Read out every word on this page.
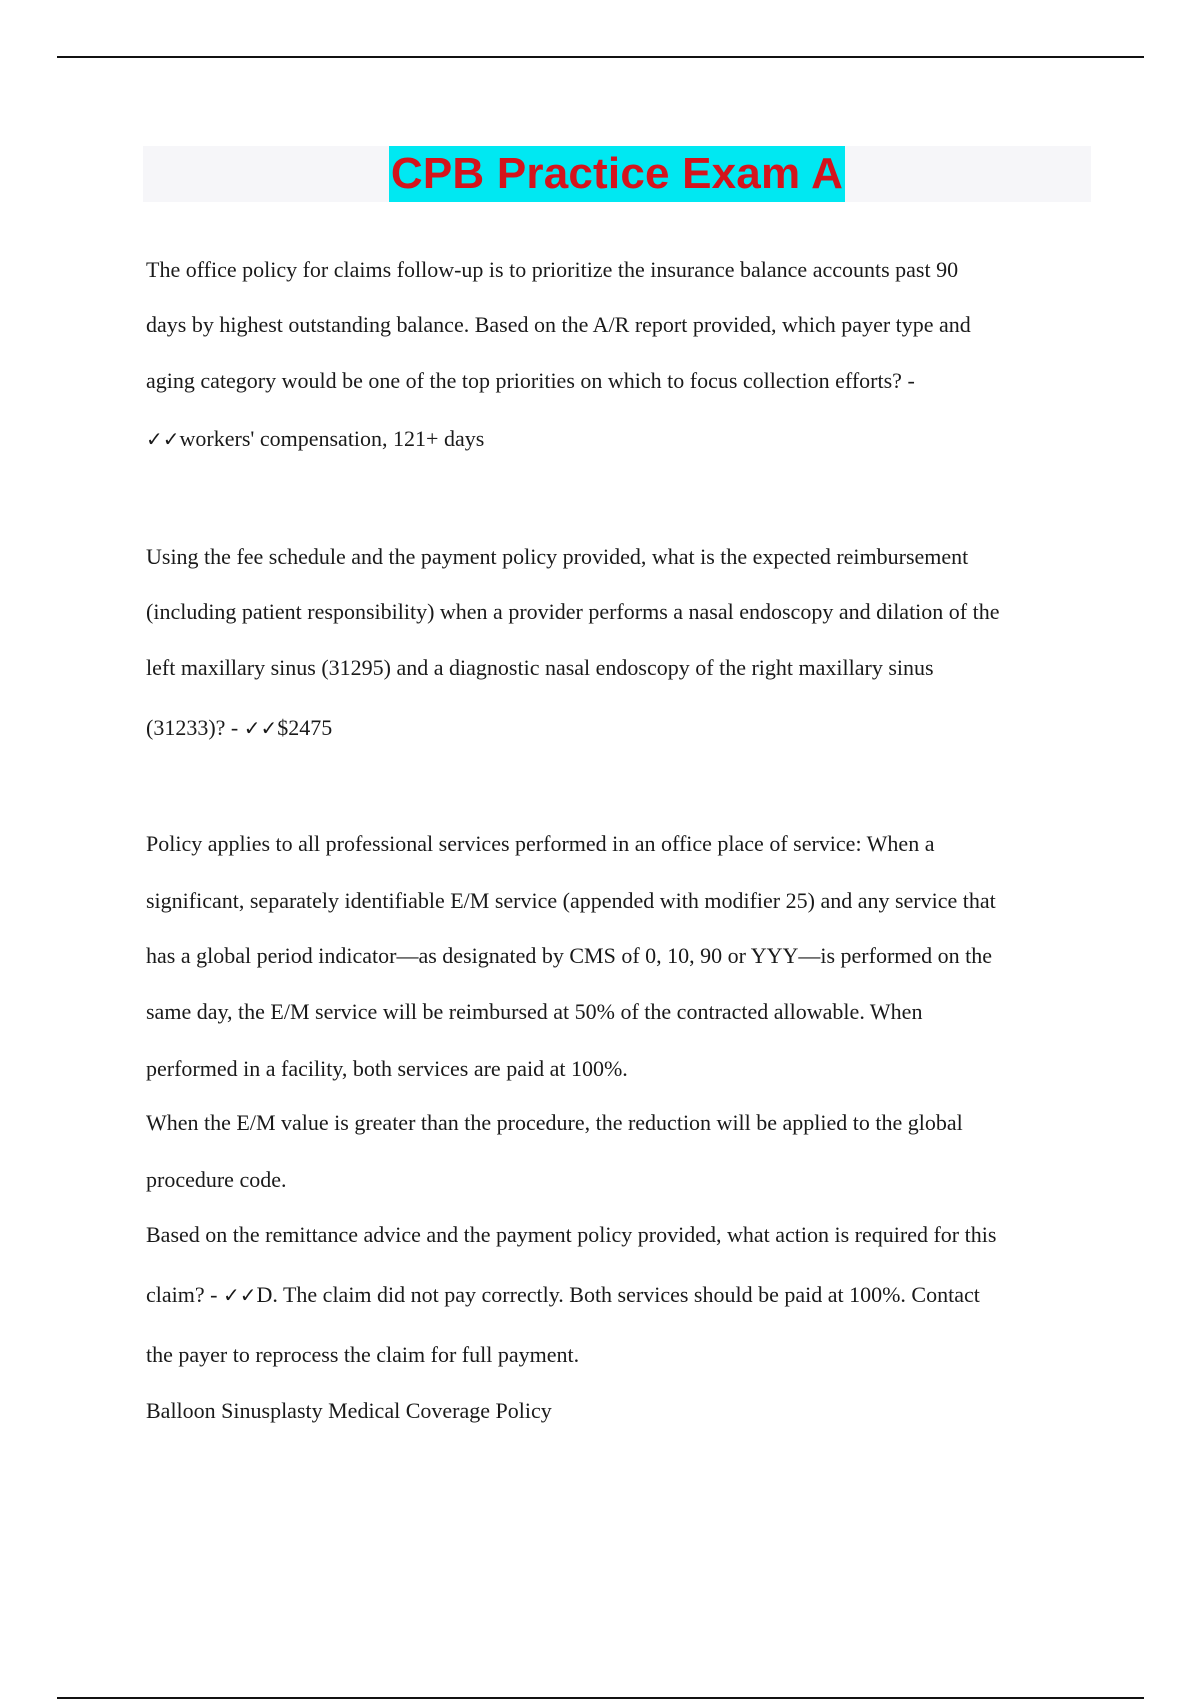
CPB Practice Exam A
The office policy for claims follow-up is to prioritize the insurance balance accounts past 90
days by highest outstanding balance. Based on the A/R report provided, which payer type and
aging category would be one of the top priorities on which to focus collection efforts? -
✓✓workers' compensation, 121+ days
Using the fee schedule and the payment policy provided, what is the expected reimbursement
(including patient responsibility) when a provider performs a nasal endoscopy and dilation of the
left maxillary sinus (31295) and a diagnostic nasal endoscopy of the right maxillary sinus
(31233)? - ✓✓$2475
Policy applies to all professional services performed in an office place of service: When a
significant, separately identifiable E/M service (appended with modifier 25) and any service that
has a global period indicator—as designated by CMS of 0, 10, 90 or YYY—is performed on the
same day, the E/M service will be reimbursed at 50% of the contracted allowable. When
performed in a facility, both services are paid at 100%.
When the E/M value is greater than the procedure, the reduction will be applied to the global
procedure code.
Based on the remittance advice and the payment policy provided, what action is required for this
claim? - ✓✓D. The claim did not pay correctly. Both services should be paid at 100%. Contact
the payer to reprocess the claim for full payment.
Balloon Sinusplasty Medical Coverage Policy
